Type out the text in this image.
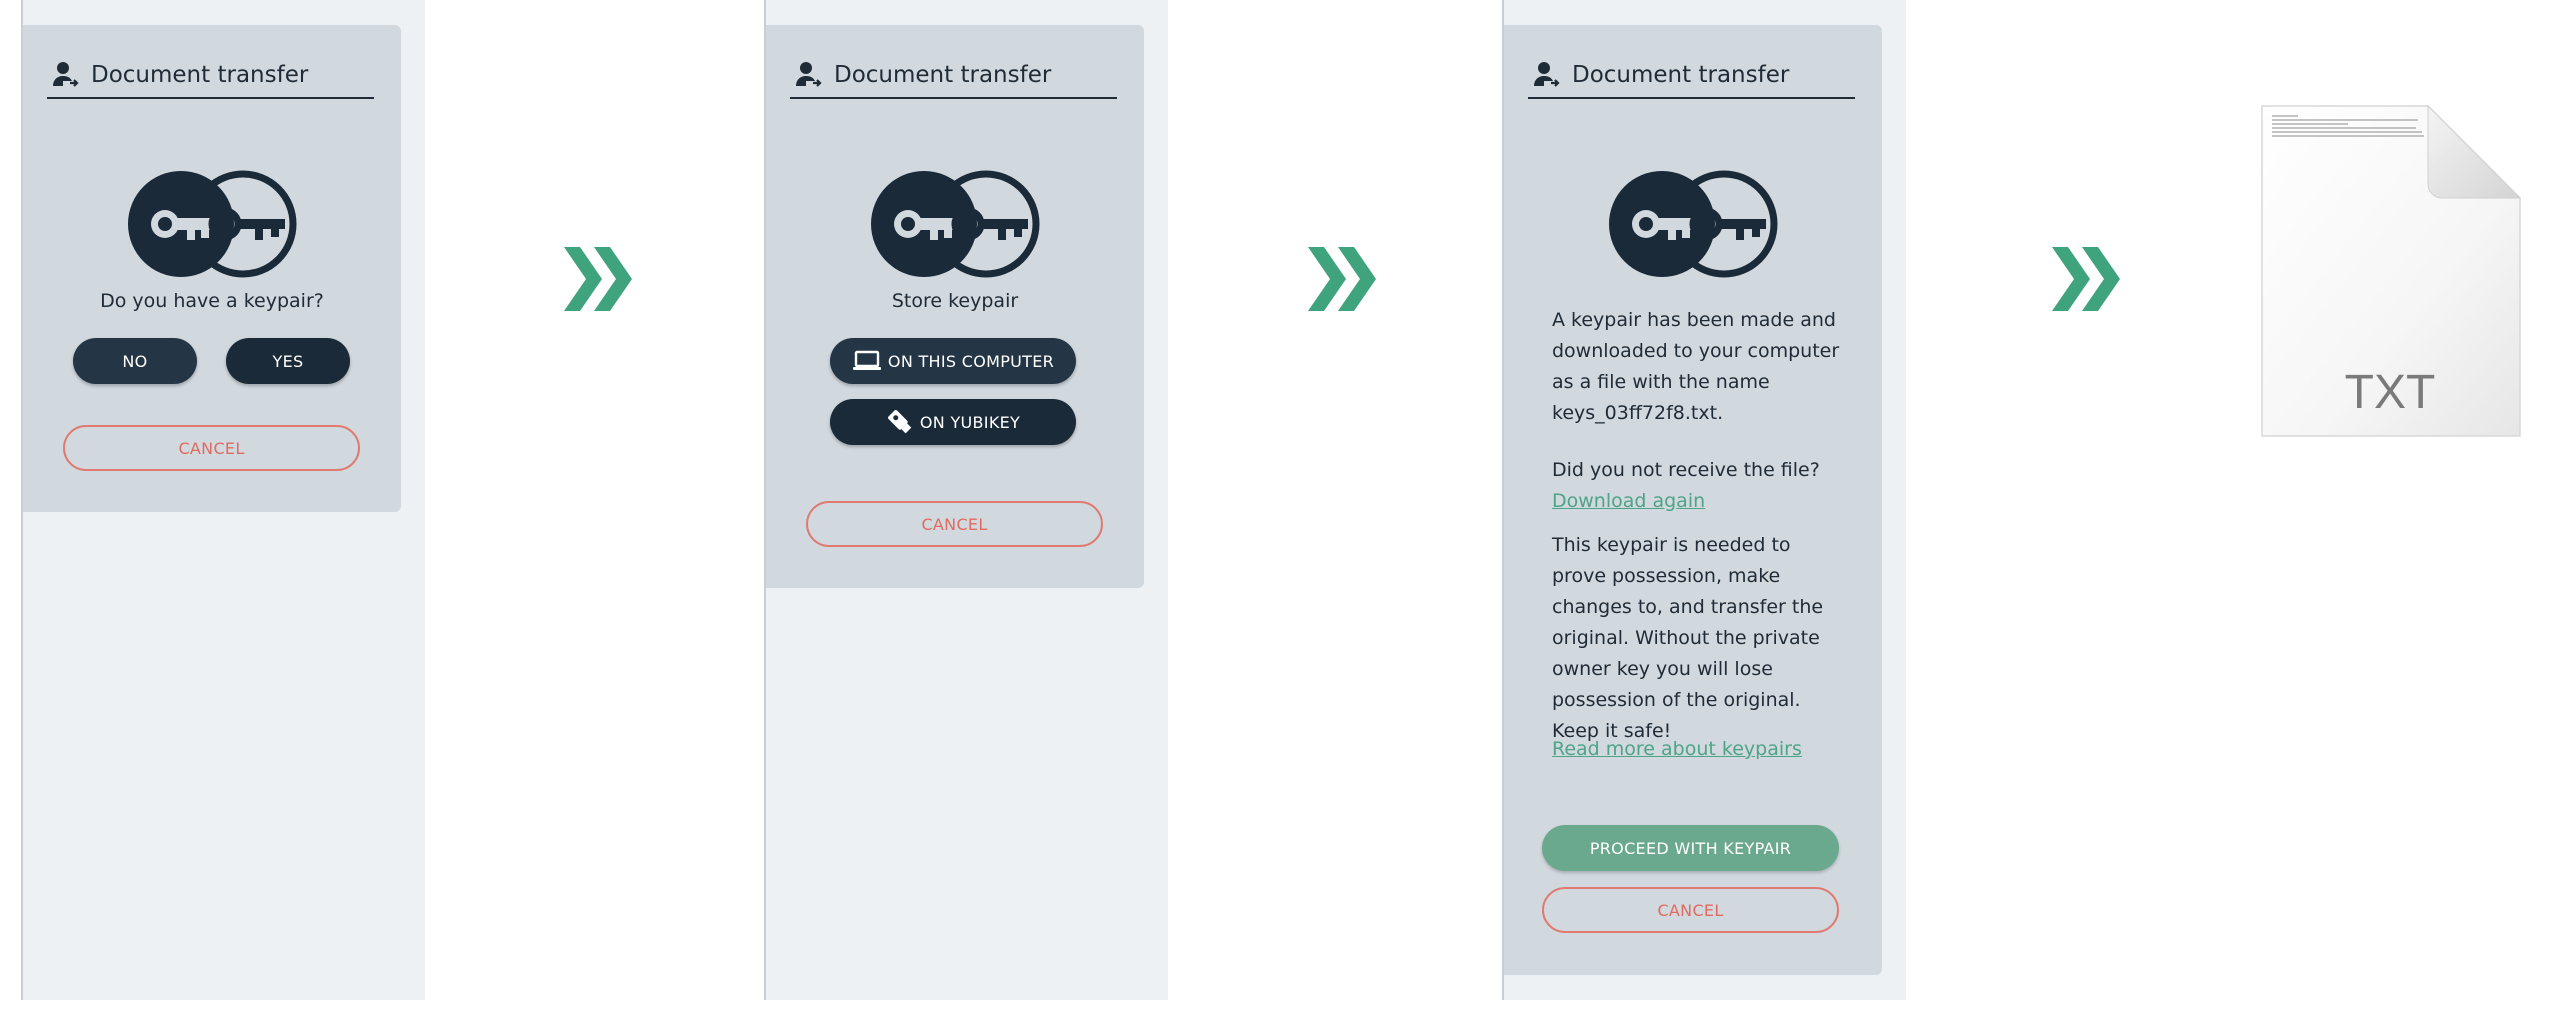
Document transfer
Do you have a keypair?
NO	YES
CANCEL
Document transfer
Store keypair
ON THIS COMPUTER
ON YUBIKEY
CANCEL
Document transfer
A keypair has been made and downloaded to your computer as a file with the name keys_03ff72f8.txt.
Did you not receive the file?
Download again
This keypair is needed to prove possession, make changes to, and transfer the original. Without the private owner key you will lose possession of the original. Keep it safe!
Read more about keypairs
PROCEED WITH KEYPAIR
CANCEL
TXT
